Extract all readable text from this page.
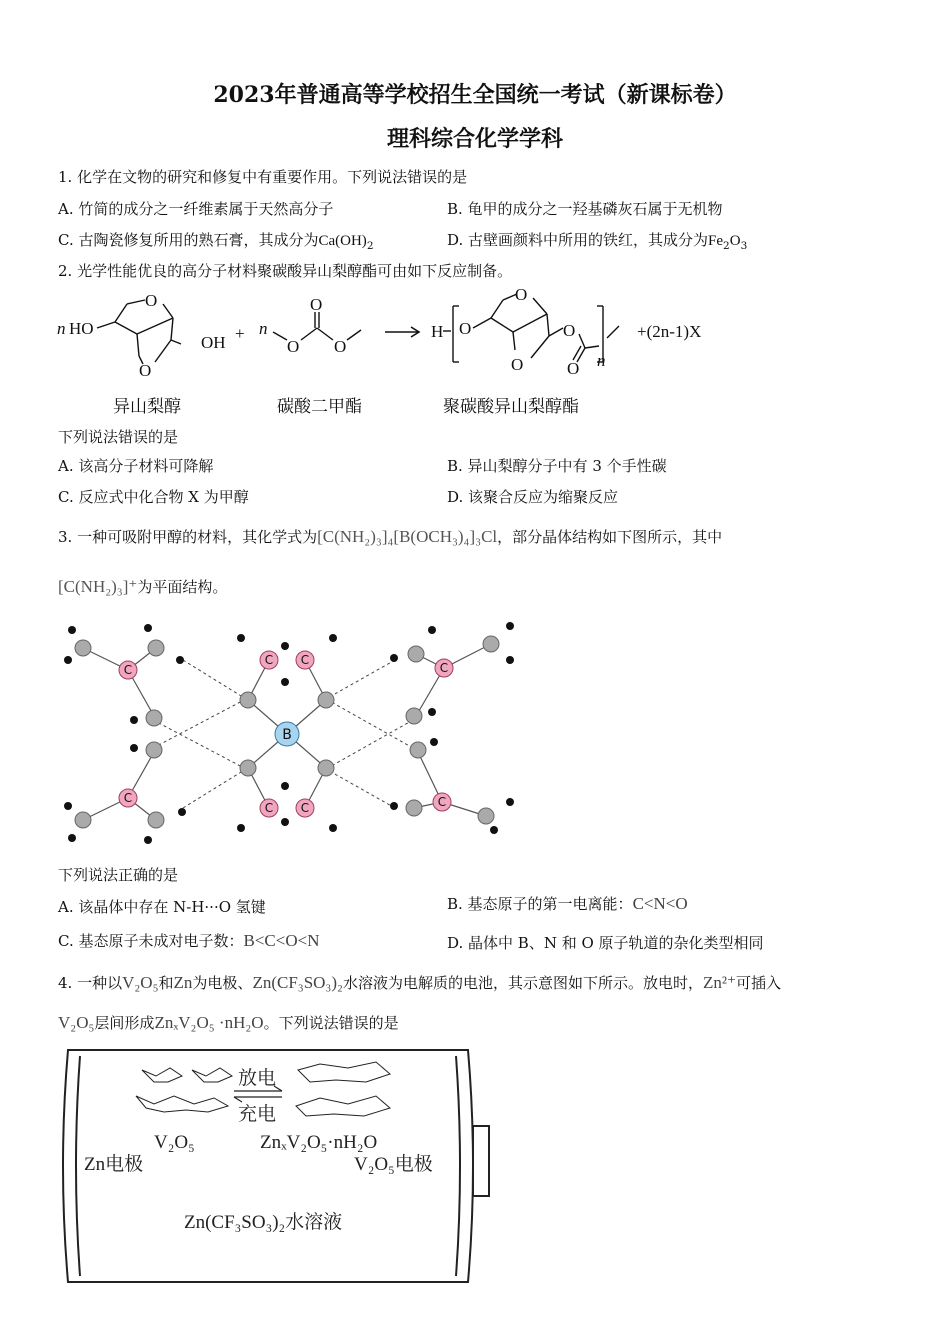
2023年普通高等学校招生全国统一考试（新课标卷）
理科综合化学学科
1. 化学在文物的研究和修复中有重要作用。下列说法错误的是
A. 竹简的成分之一纤维素属于天然高分子	B. 龟甲的成分之一羟基磷灰石属于无机物
C. 古陶瓷修复所用的熟石膏，其成分为$Ca(OH)_2$	D. 古壁画颜料中所用的铁红，其成分为$Fe_2O_3$
2. 光学性能优良的高分子材料聚碳酸异山梨醇酯可由如下反应制备。
n HO
OH + n	H O
n
+(2n-1)X
O
O
O
O
O
O
O
O
O
异山梨醇	碳酸二甲酯	聚碳酸异山梨醇酯
下列说法错误的是
A. 该高分子材料可降解	B. 异山梨醇分子中有 3 个手性碳
C. 反应式中化合物 X 为甲醇	D. 该聚合反应为缩聚反应
3. 一种可吸附甲醇的材料，其化学式为[C(NH₂)₃]₄[B(OCH₃)₄]₃Cl，部分晶体结构如下图所示，其中
[C(NH₂)₃]⁺为平面结构。
C
C
C C
C C
C
C
B
下列说法正确的是
A. 该晶体中存在 N-H···O 氢键	B. 基态原子的第一电离能：C<N<O
C. 基态原子未成对电子数：B<C<O<N	D. 晶体中 B、N 和 O 原子轨道的杂化类型相同
4. 一种以V₂O₅和Zn为电极、Zn(CF₃SO₃)₂水溶液为电解质的电池，其示意图如下所示。放电时，Zn²⁺可插入
V₂O₅层间形成ZnₓV₂O₅ ·nH₂O。下列说法错误的是
放电
充电
V₂O₅	ZnₓV₂O₅·nH₂O
Zn电极	V₂O₅电极
Zn(CF₃SO₃)₂水溶液
